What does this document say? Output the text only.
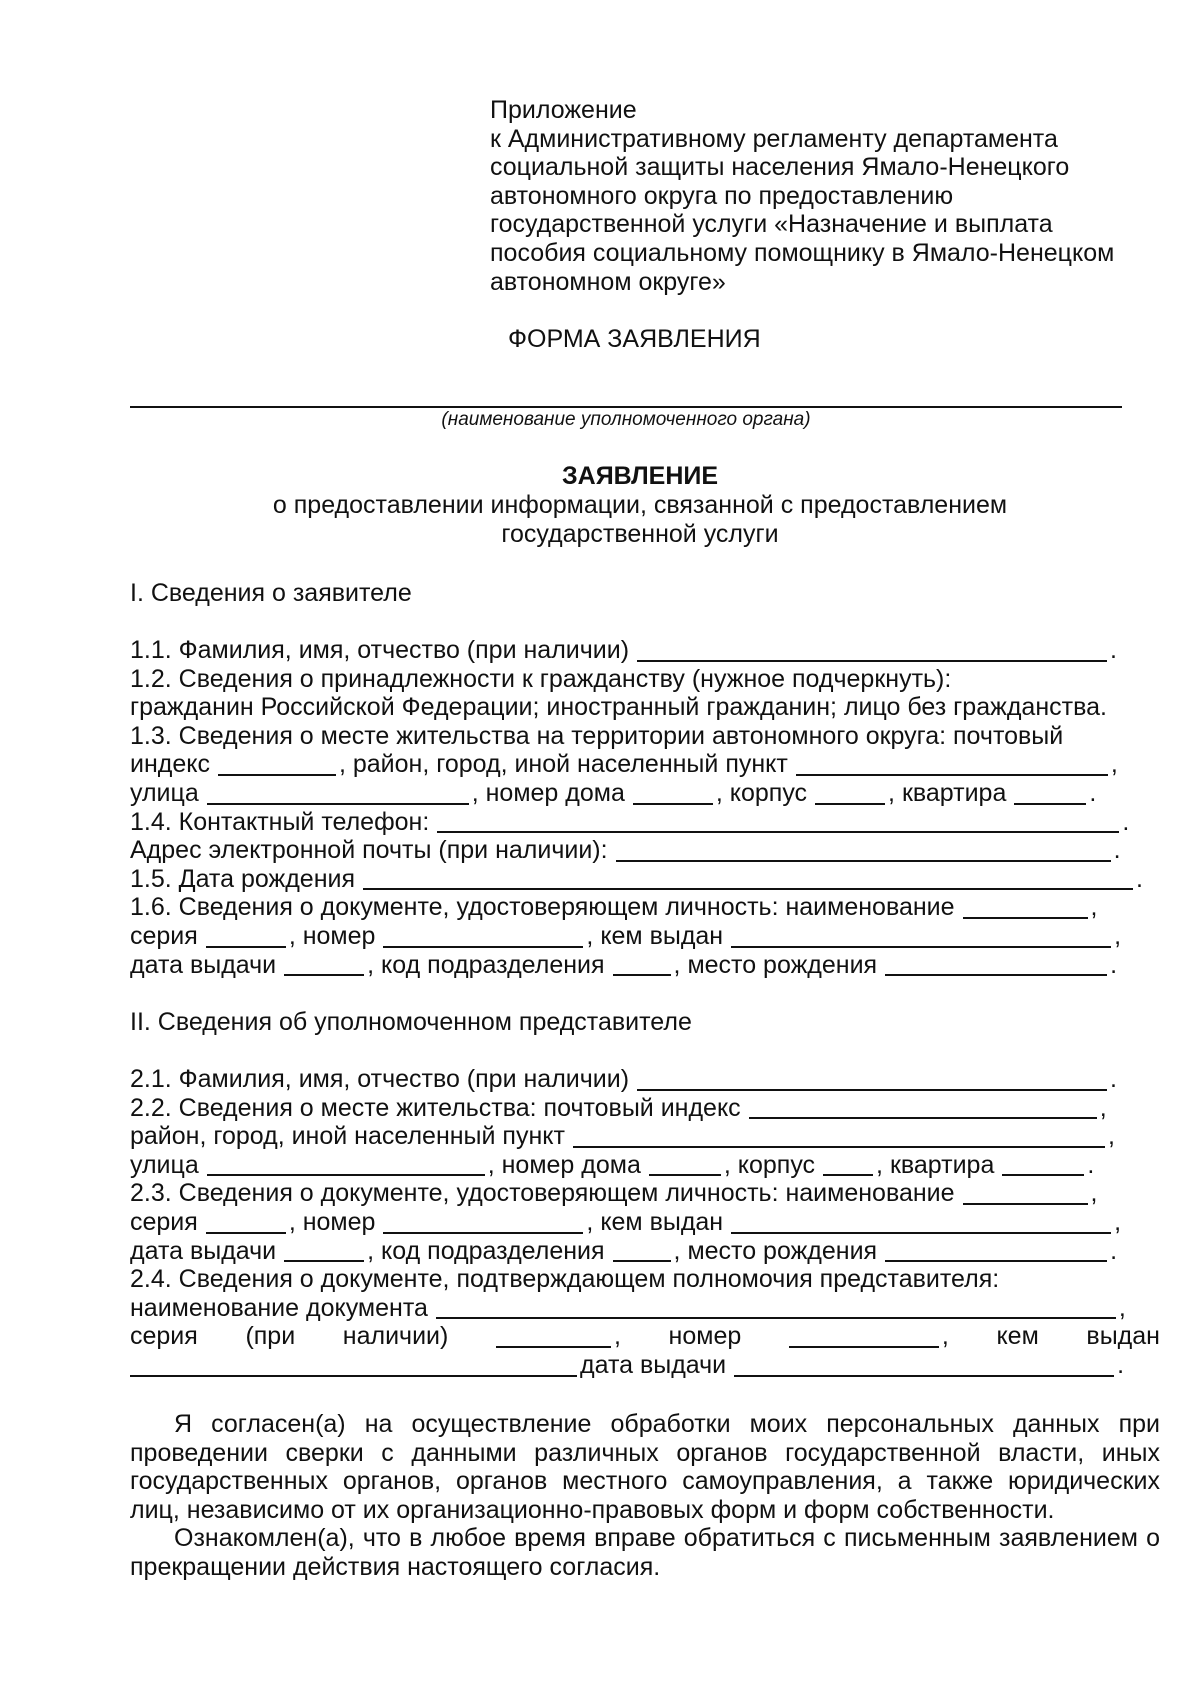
Приложение
к Административному регламенту департамента
социальной защиты населения Ямало-Ненецкого
автономного округа по предоставлению
государственной услуги «Назначение и выплата
пособия социальному помощнику в Ямало-Ненецком
автономном округе»
ФОРМА ЗАЯВЛЕНИЯ
(наименование уполномоченного органа)
ЗАЯВЛЕНИЕ
о предоставлении информации, связанной с предоставлением
государственной услуги
I. Сведения о заявителе
1.1. Фамилия, имя, отчество (при наличии)	.
1.2. Сведения о принадлежности к гражданству (нужное подчеркнуть):
гражданин Российской Федерации; иностранный гражданин; лицо без гражданства.
1.3. Сведения о месте жительства на территории автономного округа: почтовый
индекс	, район, город, иной населенный пункт	,
улица	, номер дома	, корпус	, квартира	.
1.4. Контактный телефон:	.
Адрес электронной почты (при наличии):	.
1.5. Дата рождения	.
1.6. Сведения о документе, удостоверяющем личность: наименование	,
серия	, номер	, кем выдан	,
дата выдачи	, код подразделения	, место рождения	.
II. Сведения об уполномоченном представителе
2.1. Фамилия, имя, отчество (при наличии)	.
2.2. Сведения о месте жительства: почтовый индекс	,
район, город, иной населенный пункт	,
улица	, номер дома	, корпус , квартира	.
2.3. Сведения о документе, удостоверяющем личность: наименование	,
серия	, номер	, кем выдан	,
дата выдачи	, код подразделения	, место рождения	.
2.4. Сведения о документе, подтверждающем полномочия представителя:
наименование документа	,
серия (при наличии)	, номер	, кем выдан
дата выдачи	.

Я согласен(а) на осуществление обработки моих персональных данных при проведении сверки с данными различных органов государственной власти, иных государственных органов, органов местного самоуправления, а также юридических лиц, независимо от их организационно-правовых форм и форм собственности.

Ознакомлен(а), что в любое время вправе обратиться с письменным заявлением о прекращении действия настоящего согласия.
